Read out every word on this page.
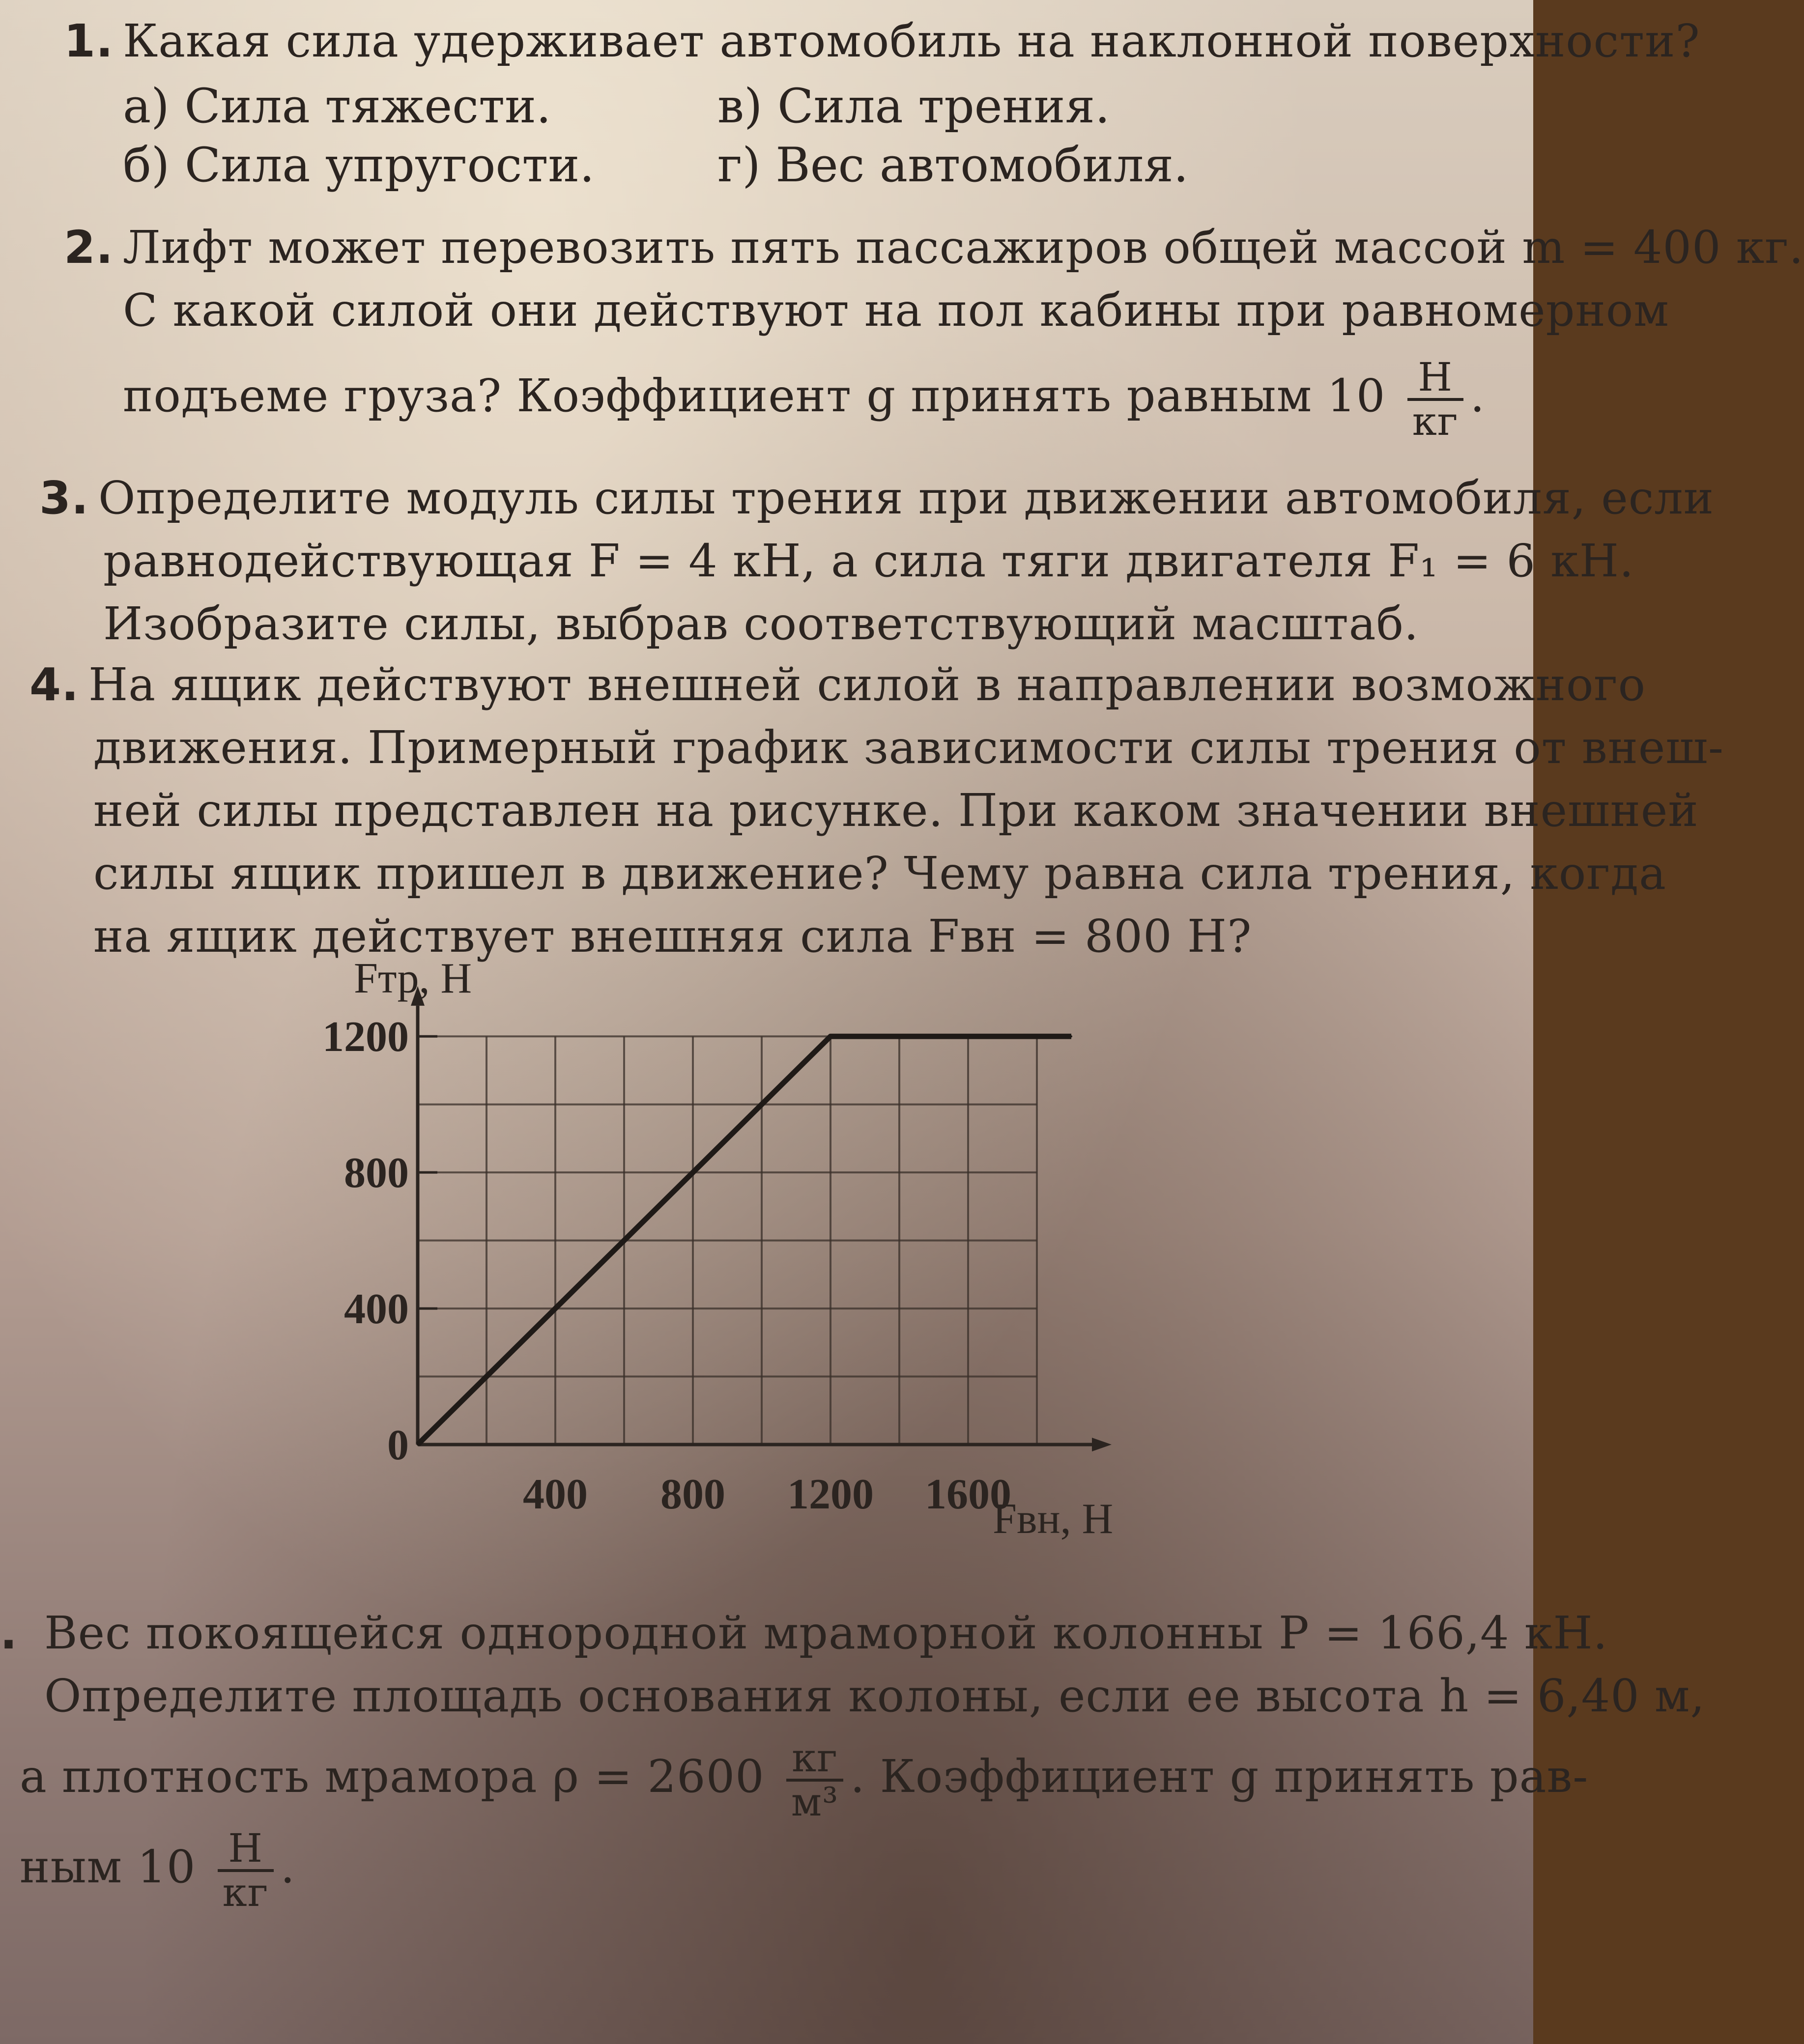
1. Какая сила удерживает автомобиль на наклонной поверхности?
а) Сила тяжести.	в) Сила трения.
б) Сила упругости.	г) Вес автомобиля.
2. Лифт может перевозить пять пассажиров общей массой m = 400 кг.
С какой силой они действуют на пол кабины при равномерном
подъеме груза? Коэффициент g принять равным $10 \frac{Н}{кг}$ .
3. Определите модуль силы трения при движении автомобиля, если
равнодействующая F = 4 кН, а сила тяги двигателя F₁ = 6 кН.
Изобразите силы, выбрав соответствующий масштаб.
4. На ящик действуют внешней силой в направлении возможного
движения. Примерный график зависимости силы трения от внеш-
ней силы представлен на рисунке. При каком значении внешней
силы ящик пришел в движение? Чему равна сила трения, когда
на ящик действует внешняя сила Fвн = 800 Н?
400 800 1200 1600
0
400
800
1200
Fтр, Н
Fвн, Н
. Вес покоящейся однородной мраморной колонны P = 166,4 кН.
Определите площадь основания колоны, если ее высота h = 6,40 м,
а плотность мрамора $\rho = 2600 \frac{кг}{\text{м³}}$ . Коэффициент g принять рав-
ным $10 \frac{Н}{кг}$ .
